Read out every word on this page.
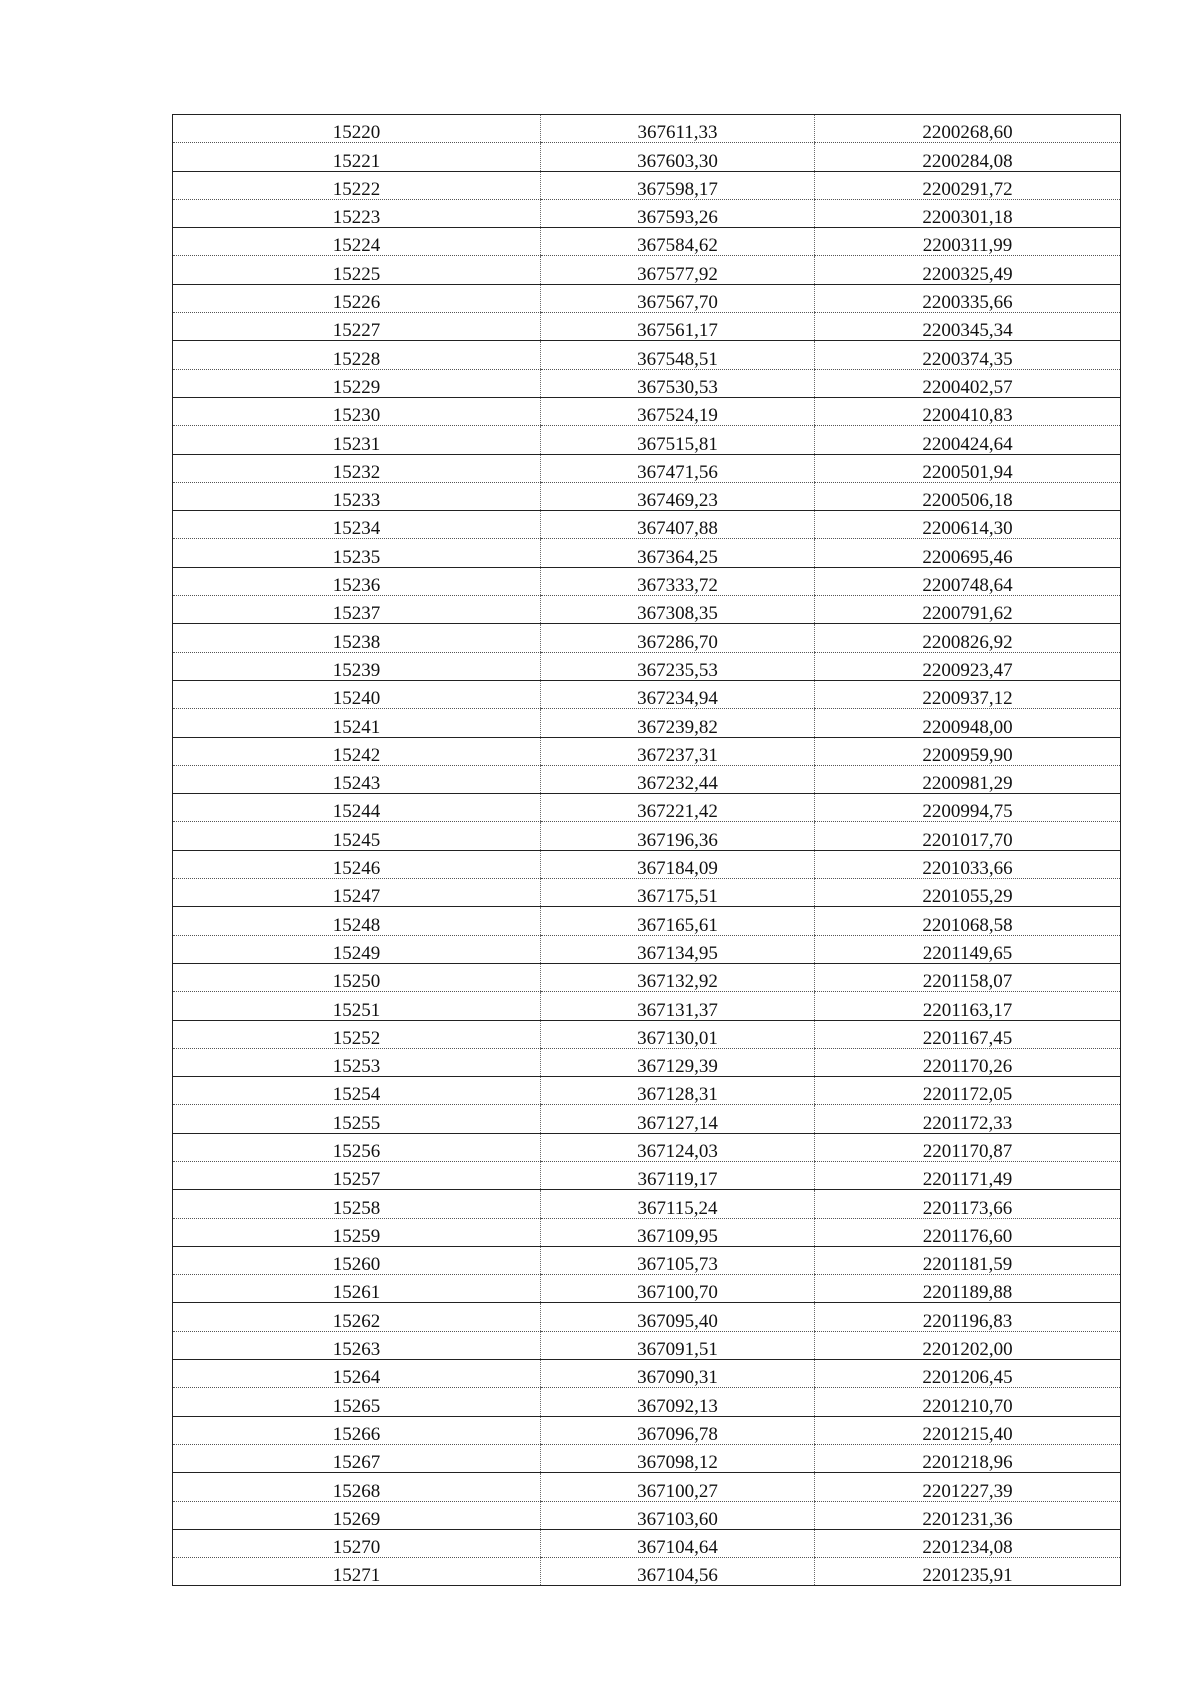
15220	367611,33	2200268,60
15221	367603,30	2200284,08
15222	367598,17	2200291,72
15223	367593,26	2200301,18
15224	367584,62	2200311,99
15225	367577,92	2200325,49
15226	367567,70	2200335,66
15227	367561,17	2200345,34
15228	367548,51	2200374,35
15229	367530,53	2200402,57
15230	367524,19	2200410,83
15231	367515,81	2200424,64
15232	367471,56	2200501,94
15233	367469,23	2200506,18
15234	367407,88	2200614,30
15235	367364,25	2200695,46
15236	367333,72	2200748,64
15237	367308,35	2200791,62
15238	367286,70	2200826,92
15239	367235,53	2200923,47
15240	367234,94	2200937,12
15241	367239,82	2200948,00
15242	367237,31	2200959,90
15243	367232,44	2200981,29
15244	367221,42	2200994,75
15245	367196,36	2201017,70
15246	367184,09	2201033,66
15247	367175,51	2201055,29
15248	367165,61	2201068,58
15249	367134,95	2201149,65
15250	367132,92	2201158,07
15251	367131,37	2201163,17
15252	367130,01	2201167,45
15253	367129,39	2201170,26
15254	367128,31	2201172,05
15255	367127,14	2201172,33
15256	367124,03	2201170,87
15257	367119,17	2201171,49
15258	367115,24	2201173,66
15259	367109,95	2201176,60
15260	367105,73	2201181,59
15261	367100,70	2201189,88
15262	367095,40	2201196,83
15263	367091,51	2201202,00
15264	367090,31	2201206,45
15265	367092,13	2201210,70
15266	367096,78	2201215,40
15267	367098,12	2201218,96
15268	367100,27	2201227,39
15269	367103,60	2201231,36
15270	367104,64	2201234,08
15271	367104,56	2201235,91
